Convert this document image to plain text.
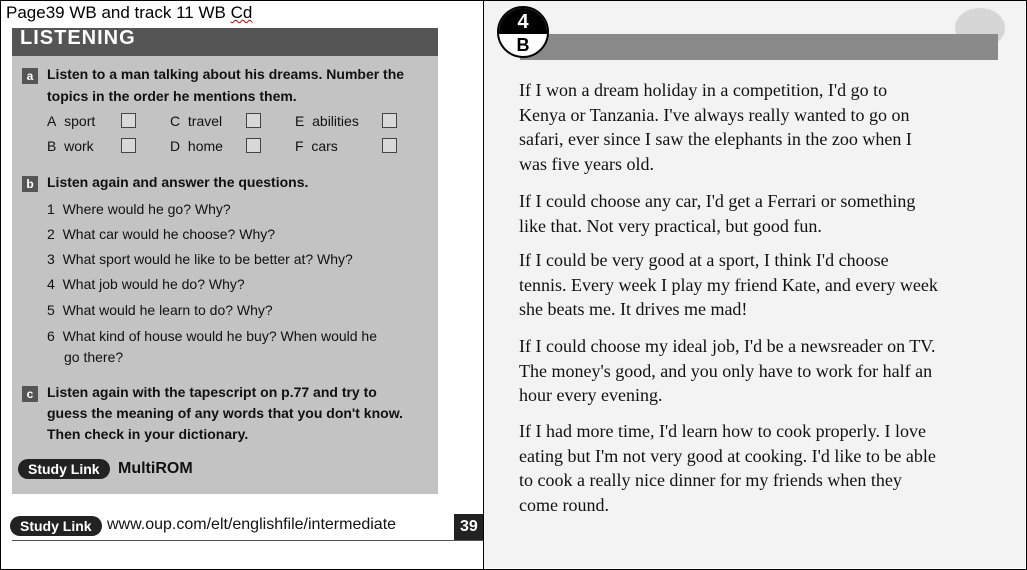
Page39 WB and track 11 WB Cd
LISTENING
a Listen to a man talking about his dreams. Number the
topics in the order he mentions them.
A sport	C travel	E abilities
B work	D home	F cars
b Listen again and answer the questions.
1 Where would he go? Why?
2 What car would he choose? Why?
3 What sport would he like to be better at? Why?
4 What job would he do? Why?
5 What would he learn to do? Why?
6 What kind of house would he buy? When would he
go there?
c Listen again with the tapescript on p.77 and try to
guess the meaning of any words that you don't know.
Then check in your dictionary.
Study Link	MultiROM
Study Link www.oup.com/elt/englishfile/intermediate	39
4
B
If I won a dream holiday in a competition, I'd go to
Kenya or Tanzania. I've always really wanted to go on
safari, ever since I saw the elephants in the zoo when I
was five years old.
If I could choose any car, I'd get a Ferrari or something
like that. Not very practical, but good fun.
If I could be very good at a sport, I think I'd choose
tennis. Every week I play my friend Kate, and every week
she beats me. It drives me mad!
If I could choose my ideal job, I'd be a newsreader on TV.
The money's good, and you only have to work for half an
hour every evening.
If I had more time, I'd learn how to cook properly. I love
eating but I'm not very good at cooking. I'd like to be able
to cook a really nice dinner for my friends when they
come round.
